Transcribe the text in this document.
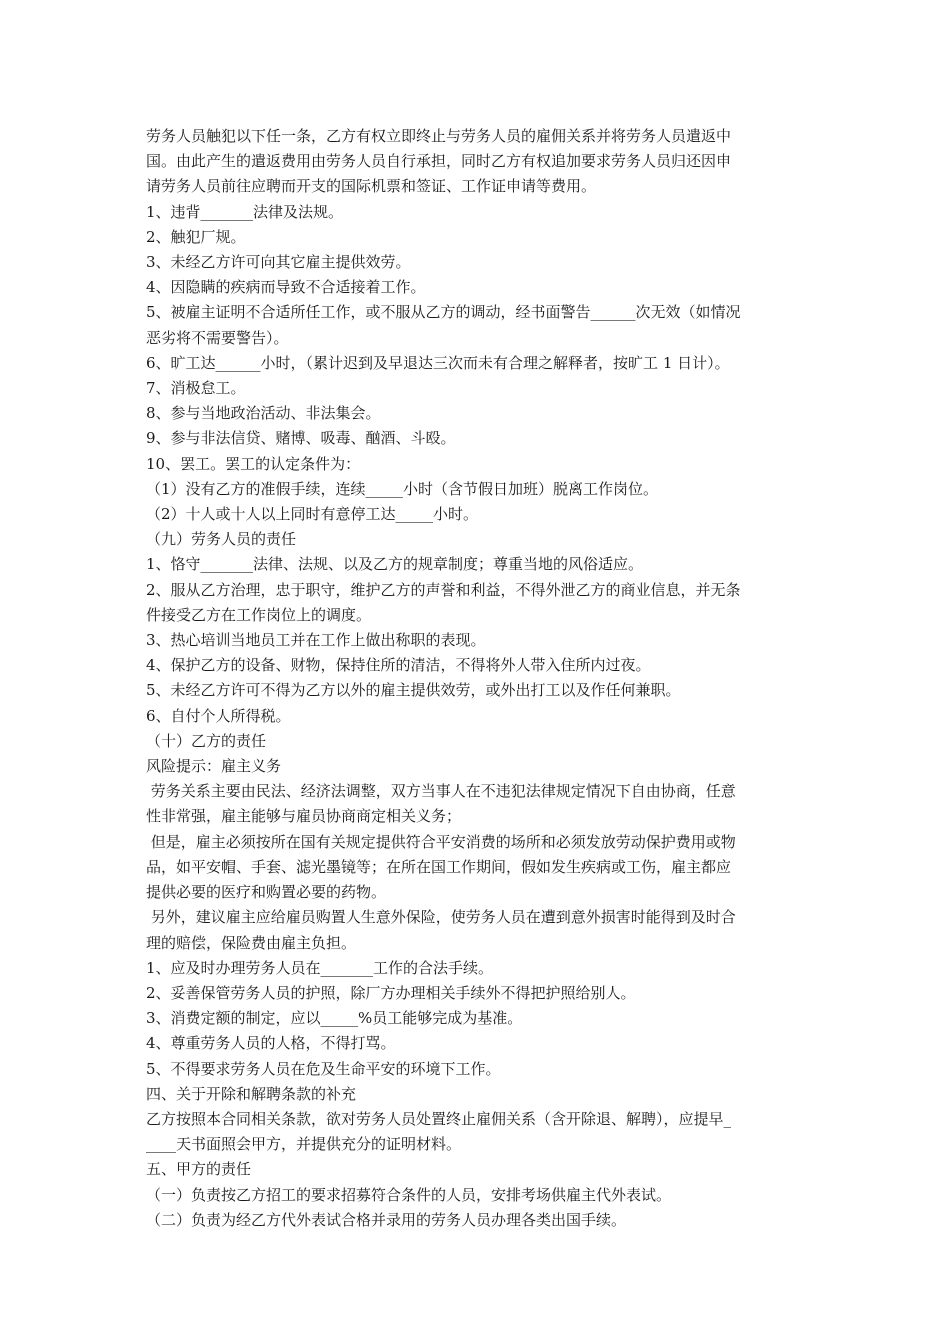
劳务人员触犯以下任一条，乙方有权立即终止与劳务人员的雇佣关系并将劳务人员遣返中
国。由此产生的遣返费用由劳务人员自行承担，同时乙方有权追加要求劳务人员归还因申
请劳务人员前往应聘而开支的国际机票和签证、工作证申请等费用。
1、违背_______法律及法规。
2、触犯厂规。
3、未经乙方许可向其它雇主提供效劳。
4、因隐瞒的疾病而导致不合适接着工作。
5、被雇主证明不合适所任工作，或不服从乙方的调动，经书面警告______次无效（如情况
恶劣将不需要警告）。
6、旷工达______小时，（累计迟到及早退达三次而未有合理之解释者，按旷工 1 日计）。
7、消极怠工。
8、参与当地政治活动、非法集会。
9、参与非法信贷、赌博、吸毒、酗酒、斗殴。
10、罢工。罢工的认定条件为：
（1）没有乙方的准假手续，连续_____小时（含节假日加班）脱离工作岗位。
（2）十人或十人以上同时有意停工达_____小时。
（九）劳务人员的责任
1、恪守_______法律、法规、以及乙方的规章制度；尊重当地的风俗适应。
2、服从乙方治理，忠于职守，维护乙方的声誉和利益，不得外泄乙方的商业信息，并无条
件接受乙方在工作岗位上的调度。
3、热心培训当地员工并在工作上做出称职的表现。
4、保护乙方的设备、财物，保持住所的清洁，不得将外人带入住所内过夜。
5、未经乙方许可不得为乙方以外的雇主提供效劳，或外出打工以及作任何兼职。
6、自付个人所得税。
（十）乙方的责任
风险提示：雇主义务
劳务关系主要由民法、经济法调整，双方当事人在不违犯法律规定情况下自由协商，任意
性非常强，雇主能够与雇员协商商定相关义务；
但是，雇主必须按所在国有关规定提供符合平安消费的场所和必须发放劳动保护费用或物
品，如平安帽、手套、滤光墨镜等；在所在国工作期间，假如发生疾病或工伤，雇主都应
提供必要的医疗和购置必要的药物。
另外，建议雇主应给雇员购置人生意外保险，使劳务人员在遭到意外损害时能得到及时合
理的赔偿，保险费由雇主负担。
1、应及时办理劳务人员在_______工作的合法手续。
2、妥善保管劳务人员的护照，除厂方办理相关手续外不得把护照给别人。
3、消费定额的制定，应以_____%员工能够完成为基准。
4、尊重劳务人员的人格，不得打骂。
5、不得要求劳务人员在危及生命平安的环境下工作。
四、关于开除和解聘条款的补充
乙方按照本合同相关条款，欲对劳务人员处置终止雇佣关系（含开除退、解聘），应提早_
____天书面照会甲方，并提供充分的证明材料。
五、甲方的责任
（一）负责按乙方招工的要求招募符合条件的人员，安排考场供雇主代外表试。
（二）负责为经乙方代外表试合格并录用的劳务人员办理各类出国手续。
